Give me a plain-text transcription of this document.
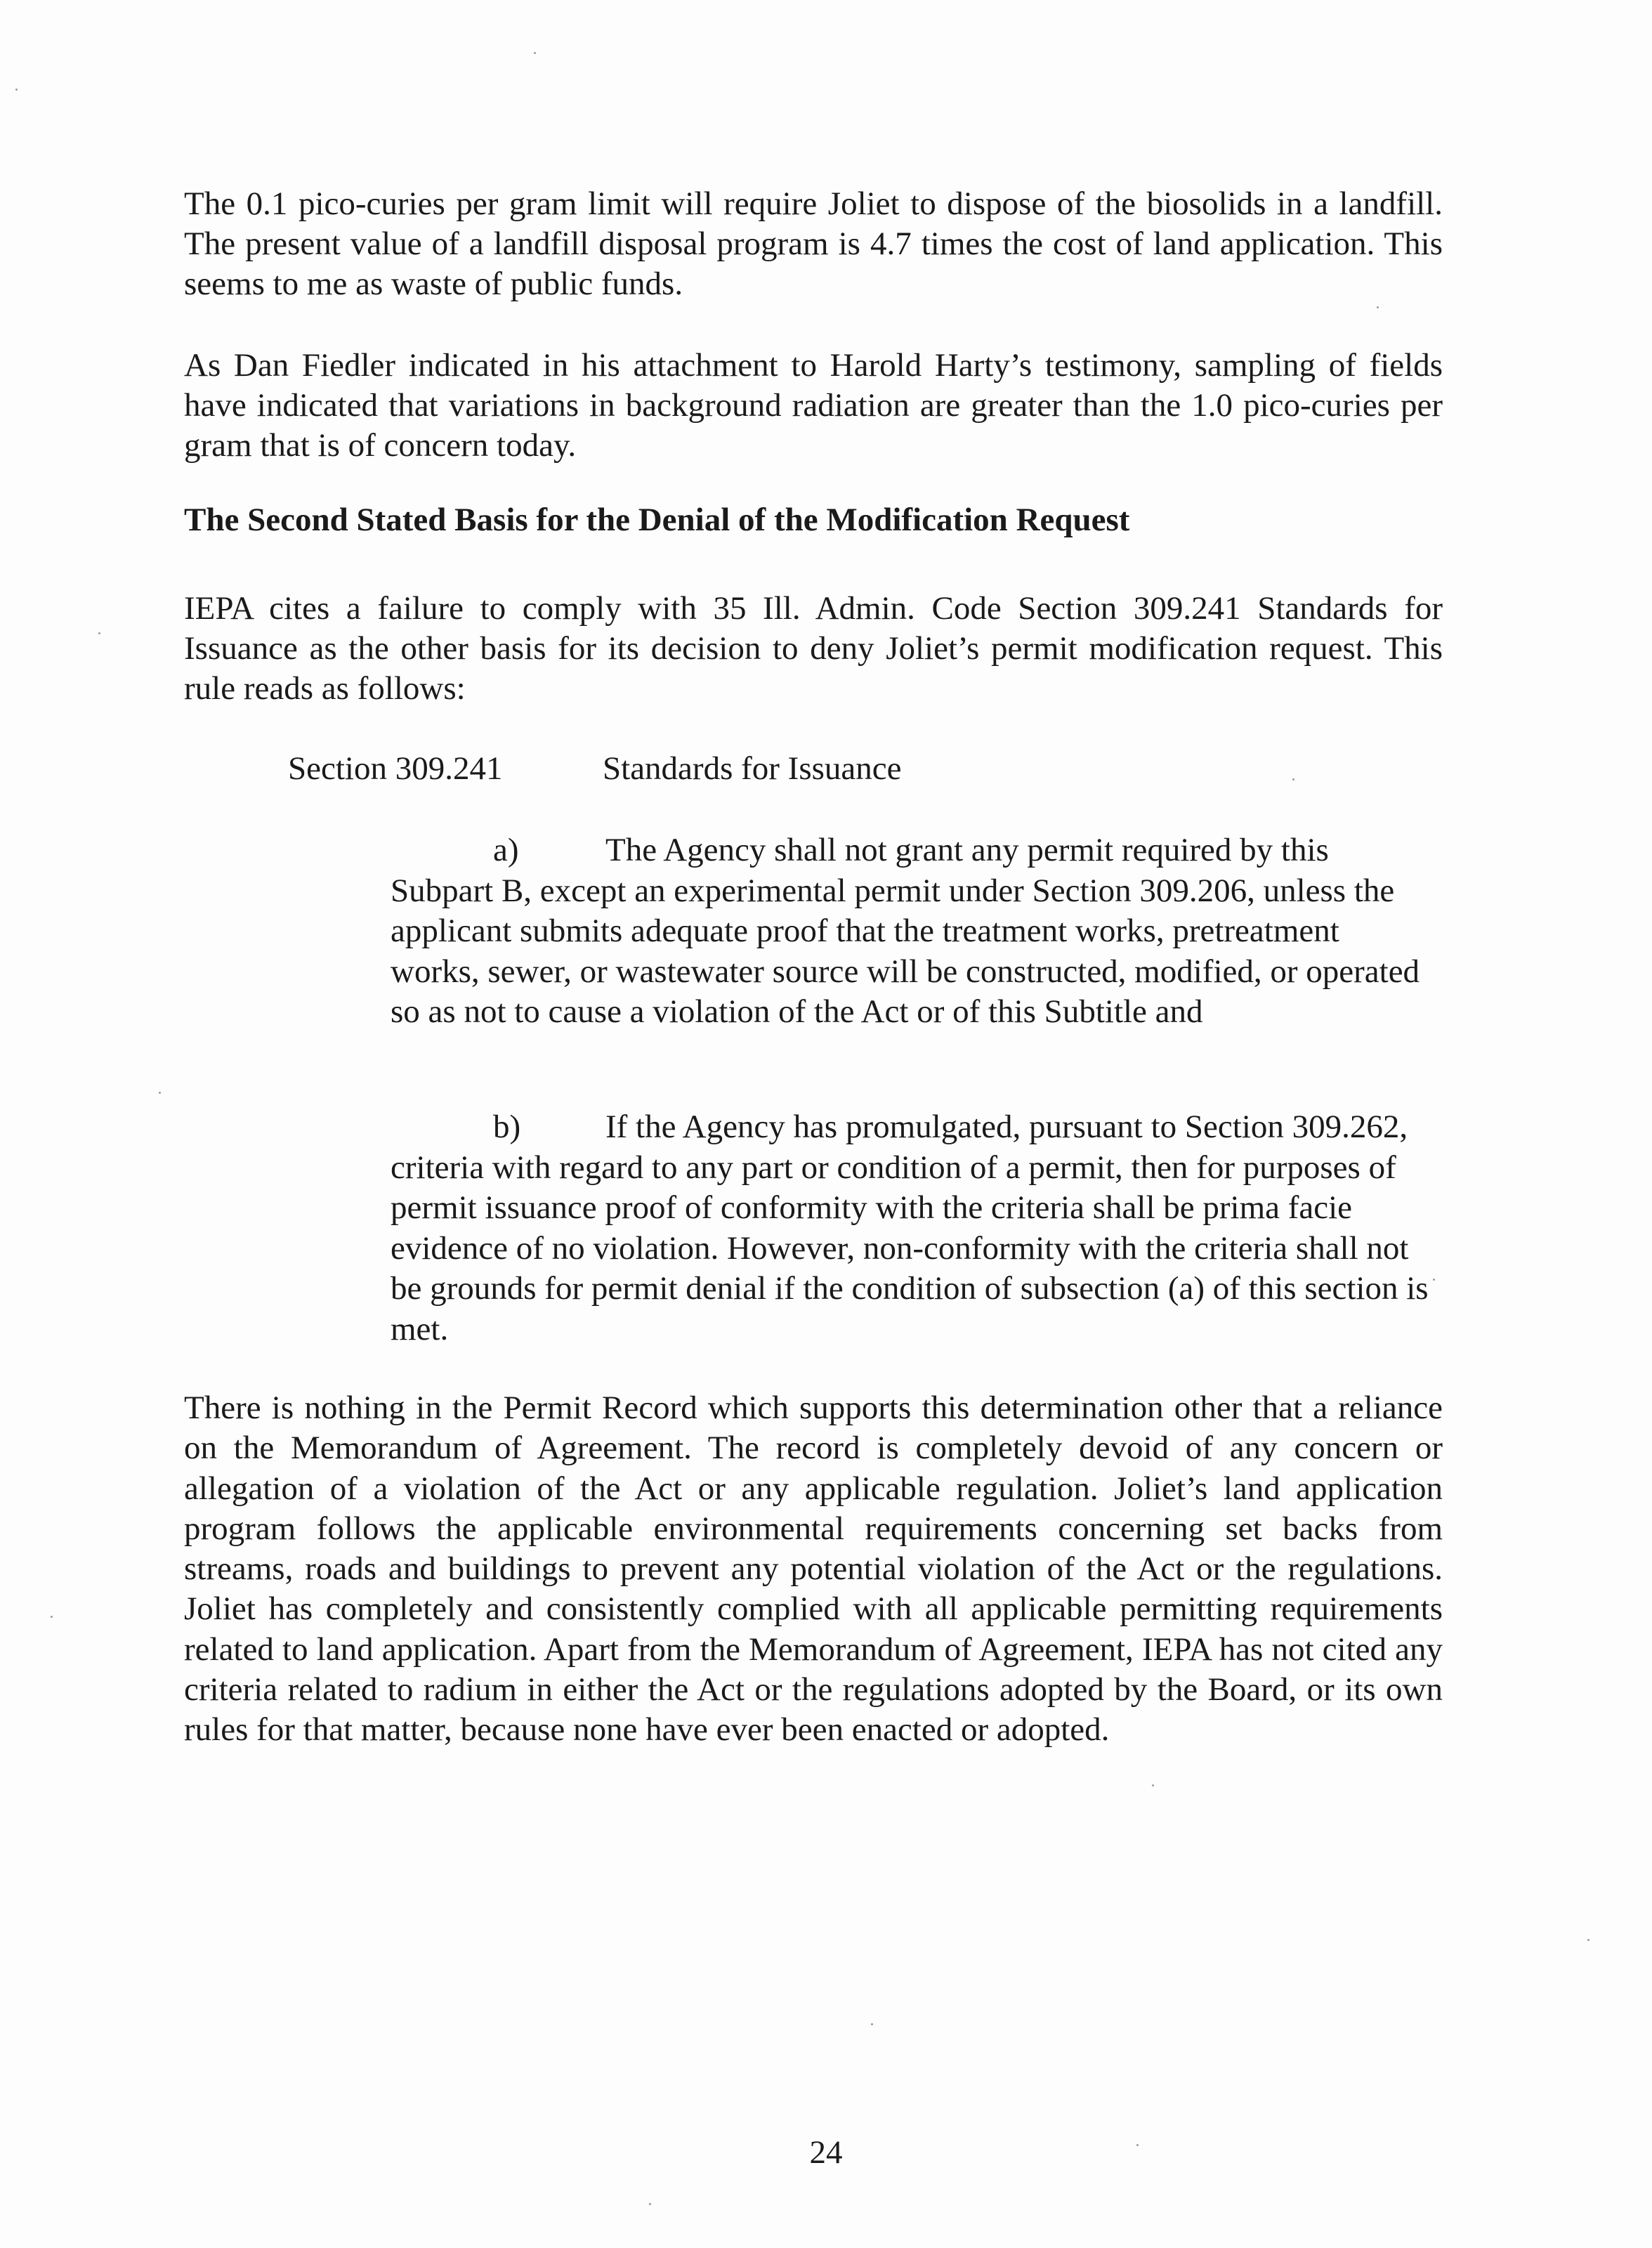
The 0.1 pico-curies per gram limit will require Joliet to dispose of the biosolids in a landfill. The present value of a landfill disposal program is 4.7 times the cost of land application. This seems to me as waste of public funds.

As Dan Fiedler indicated in his attachment to Harold Harty’s testimony, sampling of fields have indicated that variations in background radiation are greater than the 1.0 pico-curies per gram that is of concern today.

The Second Stated Basis for the Denial of the Modification Request

IEPA cites a failure to comply with 35 Ill. Admin. Code Section 309.241 Standards for Issuance as the other basis for its decision to deny Joliet’s permit modification request. This rule reads as follows:

Section 309.241	Standards for Issuance

a)	The Agency shall not grant any permit required by this Subpart B, except an experimental permit under Section 309.206, unless the applicant submits adequate proof that the treatment works, pretreatment works, sewer, or wastewater source will be constructed, modified, or operated so as not to cause a violation of the Act or of this Subtitle and

b)	If the Agency has promulgated, pursuant to Section 309.262, criteria with regard to any part or condition of a permit, then for purposes of permit issuance proof of conformity with the criteria shall be prima facie evidence of no violation. However, non-conformity with the criteria shall not be grounds for permit denial if the condition of subsection (a) of this section is met.

There is nothing in the Permit Record which supports this determination other that a reliance on the Memorandum of Agreement. The record is completely devoid of any concern or allegation of a violation of the Act or any applicable regulation. Joliet’s land application program follows the applicable environmental requirements concerning set backs from streams, roads and buildings to prevent any potential violation of the Act or the regulations. Joliet has completely and consistently complied with all applicable permitting requirements related to land application. Apart from the Memorandum of Agreement, IEPA has not cited any criteria related to radium in either the Act or the regulations adopted by the Board, or its own rules for that matter, because none have ever been enacted or adopted.

24
